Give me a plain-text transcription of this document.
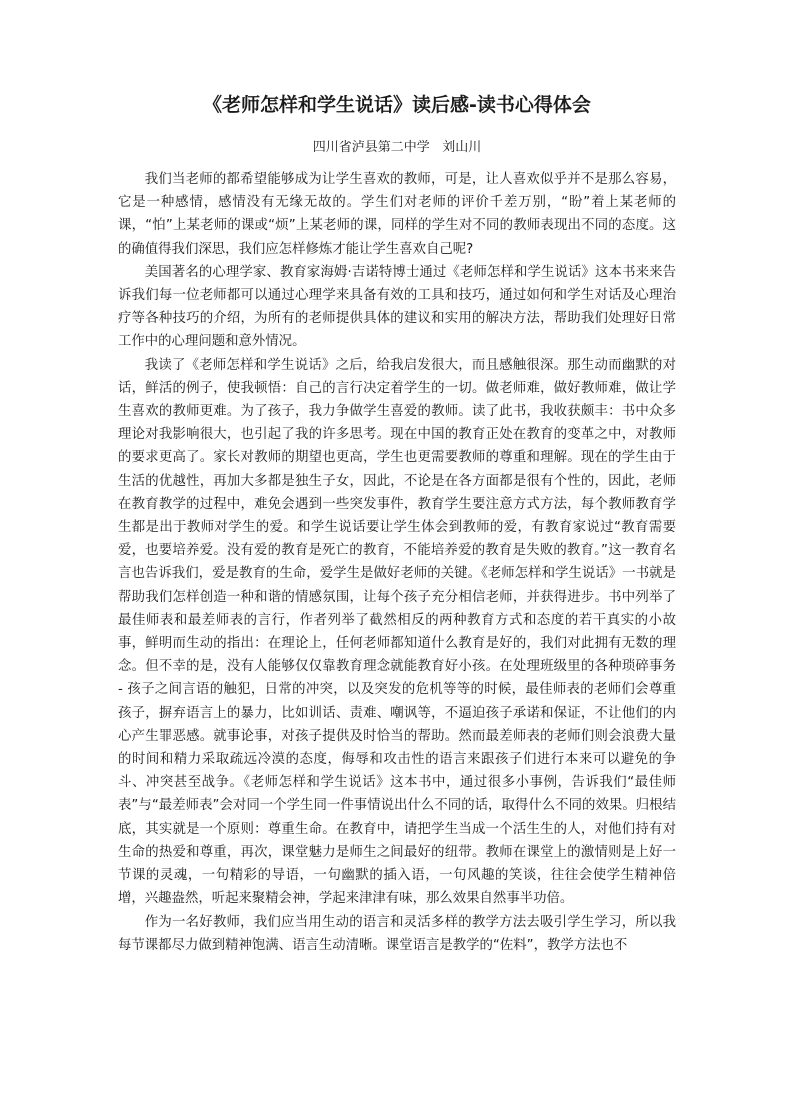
《老师怎样和学生说话》读后感-读书心得体会
四川省泸县第二中学   刘山川

我们当老师的都希望能够成为让学生喜欢的教师，可是，让人喜欢似乎并不是那么容易，它是一种感情，感情没有无缘无故的。学生们对老师的评价千差万别，“盼”着上某老师的课，“怕”上某老师的课或“烦”上某老师的课，同样的学生对不同的教师表现出不同的态度。这的确值得我们深思，我们应怎样修炼才能让学生喜欢自己呢?

美国著名的心理学家、教育家海姆·吉诺特博士通过《老师怎样和学生说话》这本书来来告诉我们每一位老师都可以通过心理学来具备有效的工具和技巧，通过如何和学生对话及心理治疗等各种技巧的介绍，为所有的老师提供具体的建议和实用的解决方法，帮助我们处理好日常工作中的心理问题和意外情况。

我读了《老师怎样和学生说话》之后，给我启发很大，而且感触很深。那生动而幽默的对话，鲜活的例子，使我顿悟：自己的言行决定着学生的一切。做老师难，做好教师难，做让学生喜欢的教师更难。为了孩子，我力争做学生喜爱的教师。读了此书，我收获颇丰：书中众多理论对我影响很大，也引起了我的许多思考。现在中国的教育正处在教育的变革之中，对教师的要求更高了。家长对教师的期望也更高，学生也更需要教师的尊重和理解。现在的学生由于生活的优越性，再加大多都是独生子女，因此，不论是在各方面都是很有个性的，因此，老师在教育教学的过程中，难免会遇到一些突发事件，教育学生要注意方式方法，每个教师教育学生都是出于教师对学生的爱。和学生说话要让学生体会到教师的爱，有教育家说过“教育需要爱，也要培养爱。没有爱的教育是死亡的教育，不能培养爱的教育是失败的教育。”这一教育名言也告诉我们，爱是教育的生命，爱学生是做好老师的关键。《老师怎样和学生说话》一书就是帮助我们怎样创造一种和谐的情感氛围，让每个孩子充分相信老师，并获得进步。书中列举了最佳师表和最差师表的言行，作者列举了截然相反的两种教育方式和态度的若干真实的小故事，鲜明而生动的指出：在理论上，任何老师都知道什么教育是好的，我们对此拥有无数的理念。但不幸的是，没有人能够仅仅靠教育理念就能教育好小孩。在处理班级里的各种琐碎事务 - 孩子之间言语的触犯，日常的冲突，以及突发的危机等等的时候，最佳师表的老师们会尊重孩子，摒弃语言上的暴力，比如训话、责难、嘲讽等，不逼迫孩子承诺和保证，不让他们的内心产生罪恶感。就事论事，对孩子提供及时恰当的帮助。然而最差师表的老师们则会浪费大量的时间和精力采取疏远冷漠的态度，侮辱和攻击性的语言来跟孩子们进行本来可以避免的争斗、冲突甚至战争。《老师怎样和学生说话》这本书中，通过很多小事例，告诉我们“最佳师表”与“最差师表”会对同一个学生同一件事情说出什么不同的话，取得什么不同的效果。归根结底，其实就是一个原则：尊重生命。在教育中，请把学生当成一个活生生的人，对他们持有对生命的热爱和尊重，再次，课堂魅力是师生之间最好的纽带。教师在课堂上的激情则是上好一节课的灵魂，一句精彩的导语，一句幽默的插入语，一句风趣的笑谈，往往会使学生精神倍增，兴趣盎然，听起来聚精会神，学起来津津有味，那么效果自然事半功倍。

作为一名好教师，我们应当用生动的语言和灵活多样的教学方法去吸引学生学习，所以我每节课都尽力做到精神饱满、语言生动清晰。课堂语言是教学的“佐料”，教学方法也不
